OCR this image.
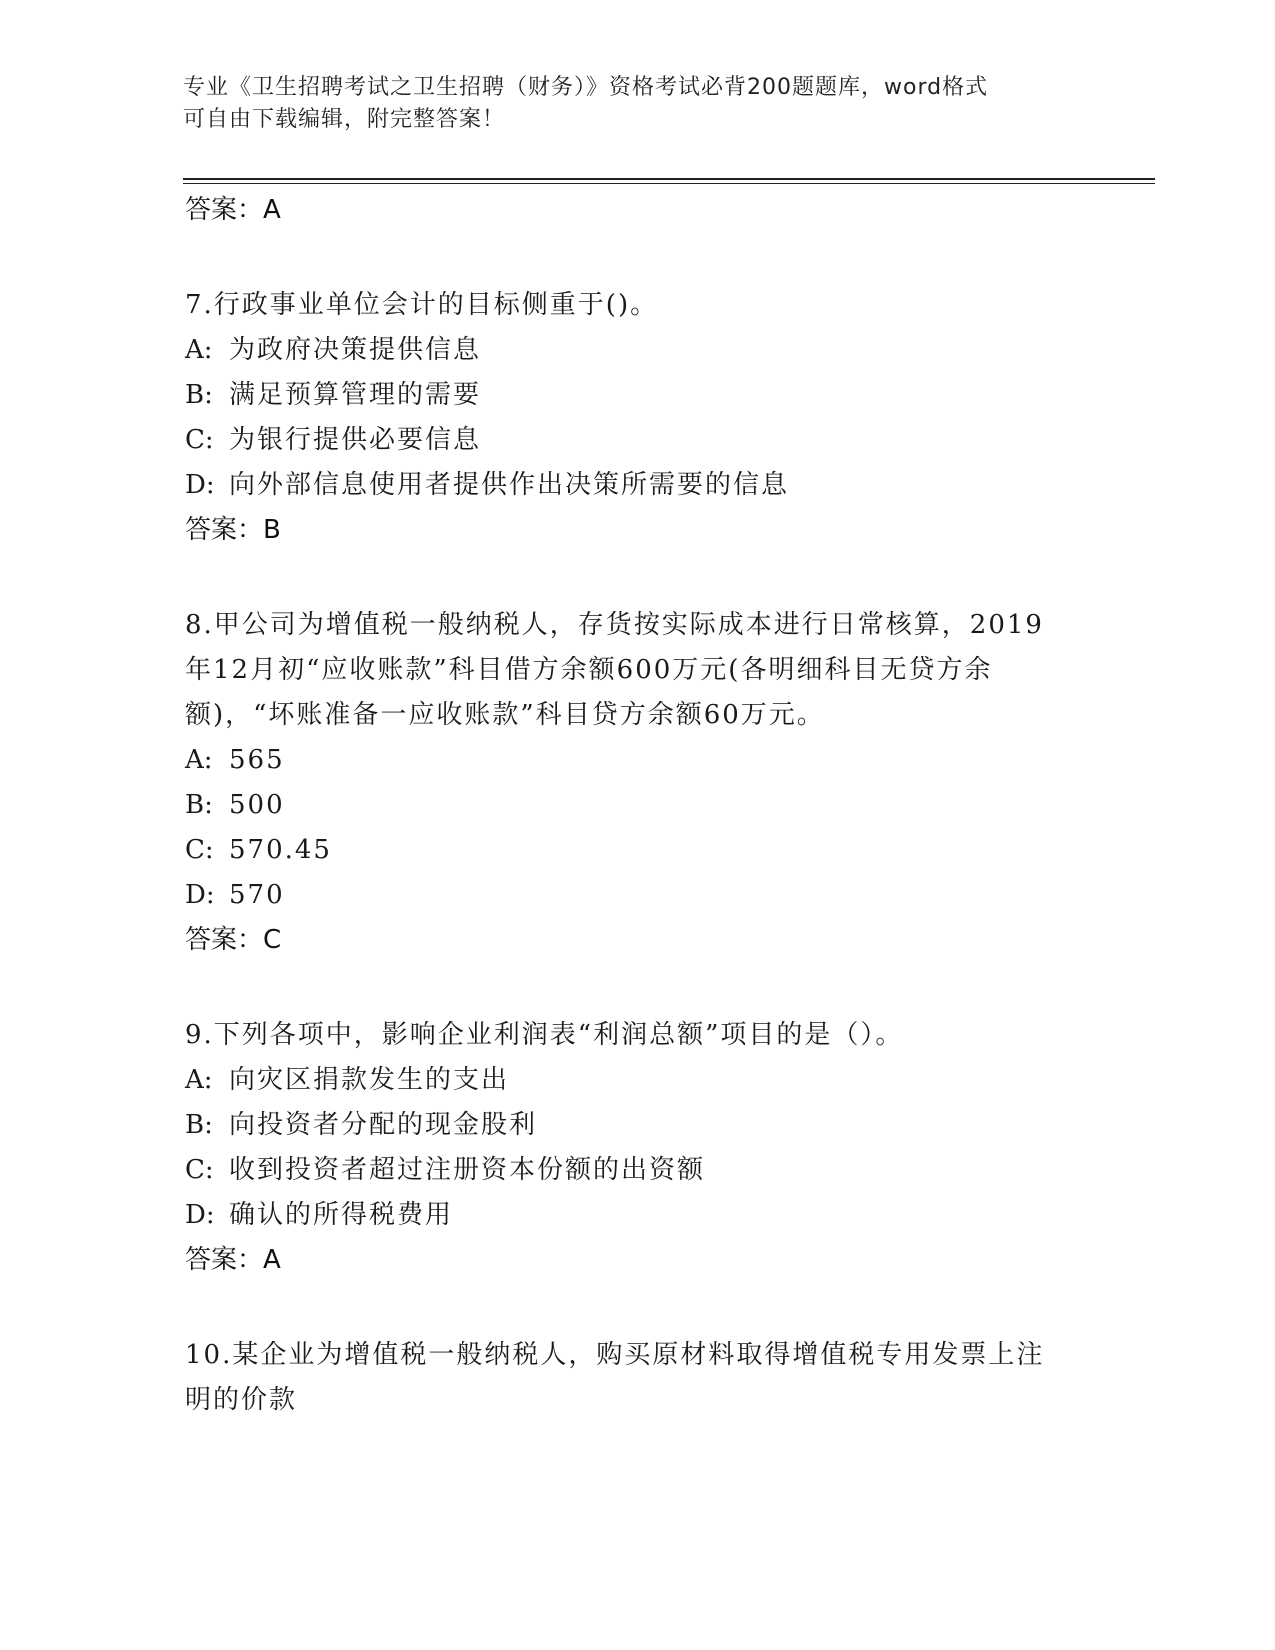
专业《卫生招聘考试之卫生招聘（财务）》资格考试必背200题题库，word格式
可自由下载编辑，附完整答案！

答案：A

7.行政事业单位会计的目标侧重于()。

A: 为政府决策提供信息

B: 满足预算管理的需要

C: 为银行提供必要信息

D: 向外部信息使用者提供作出决策所需要的信息

答案：B

8.甲公司为增值税一般纳税人，存货按实际成本进行日常核算，2019

年12月初“应收账款”科目借方余额600万元(各明细科目无贷方余

额)，“坏账准备一应收账款”科目贷方余额60万元。

A: 565

B: 500

C: 570.45

D: 570

答案：C

9.下列各项中，影响企业利润表“利润总额”项目的是（）。

A: 向灾区捐款发生的支出

B: 向投资者分配的现金股利

C: 收到投资者超过注册资本份额的出资额

D: 确认的所得税费用

答案：A

10.某企业为增值税一般纳税人，购买原材料取得增值税专用发票上注

明的价款
